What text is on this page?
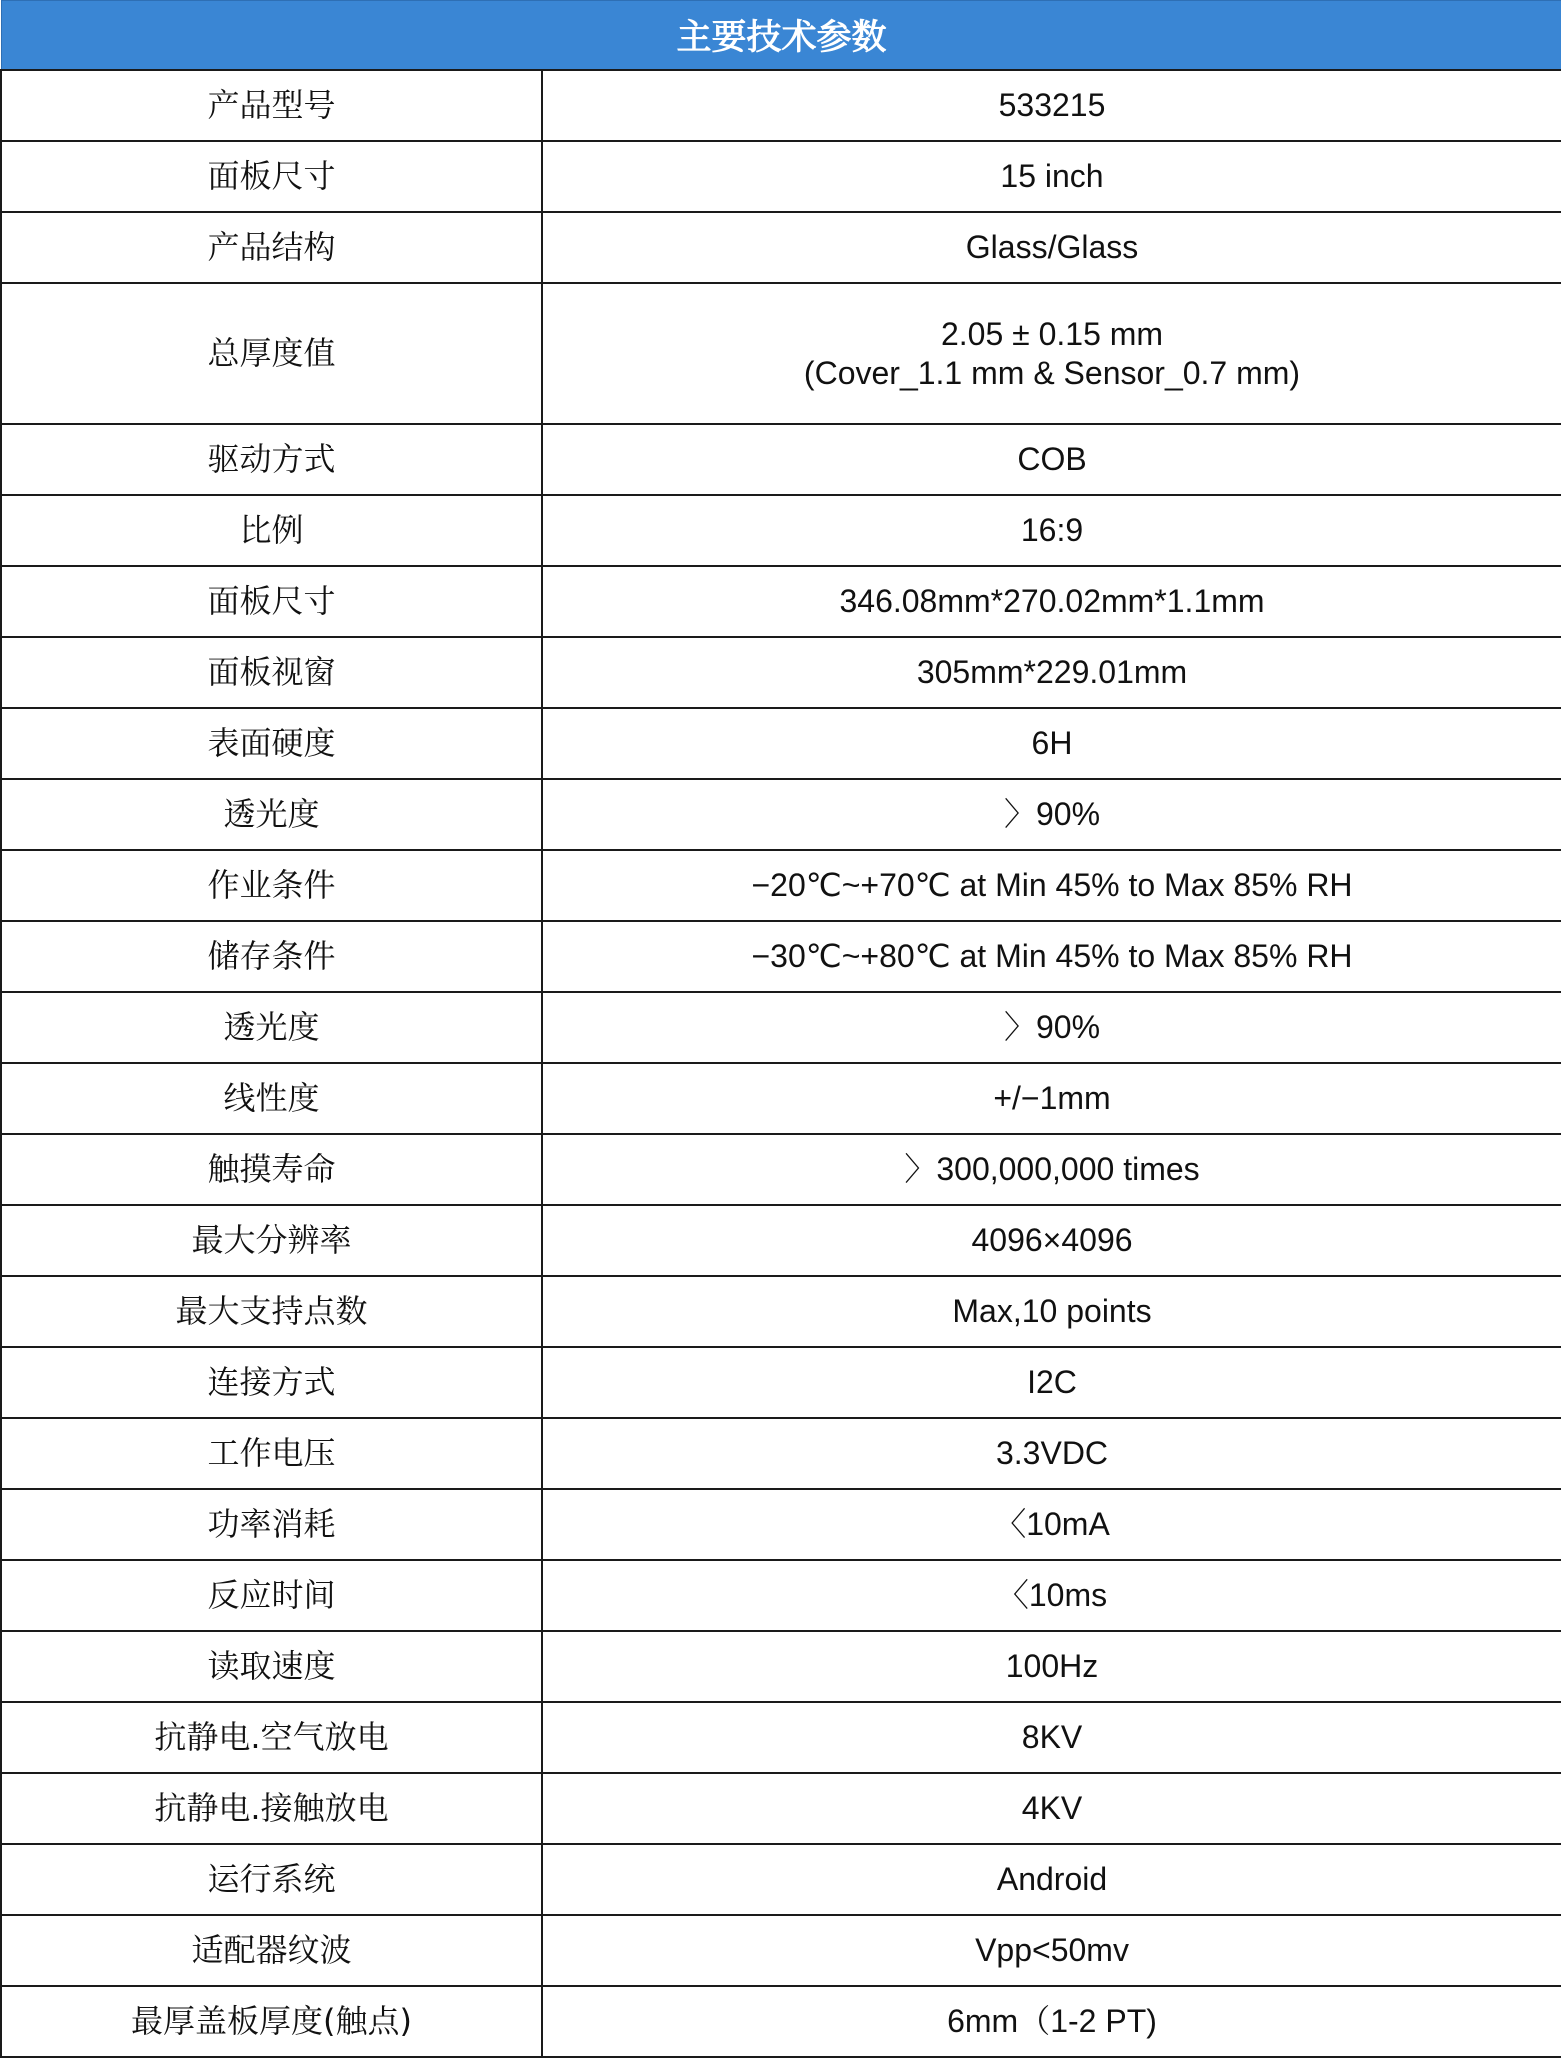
主要技术参数	
产品型号	533215
面板尺寸	15 inch
产品结构	Glass/Glass
总厚度值	2.05 ± 0.15 mm
(Cover_1.1 mm & Sensor_0.7 mm)
驱动方式	COB
比例	16:9
面板尺寸	346.08mm*270.02mm*1.1mm
面板视窗	305mm*229.01mm
表面硬度	6H
透光度	〉90%
作业条件	−20℃~+70℃ at Min 45% to Max 85% RH
储存条件	−30℃~+80℃ at Min 45% to Max 85% RH
透光度	〉90%
线性度	+/−1mm
触摸寿命	〉300,000,000 times
最大分辨率	4096×4096
最大支持点数	Max,10 points
连接方式	I2C
工作电压	3.3VDC
功率消耗	〈10mA
反应时间	〈10ms
读取速度	100Hz
抗静电.空气放电	8KV
抗静电.接触放电	4KV
运行系统	Android
适配器纹波	Vpp<50mv
最厚盖板厚度(触点)	6mm（1-2 PT)
